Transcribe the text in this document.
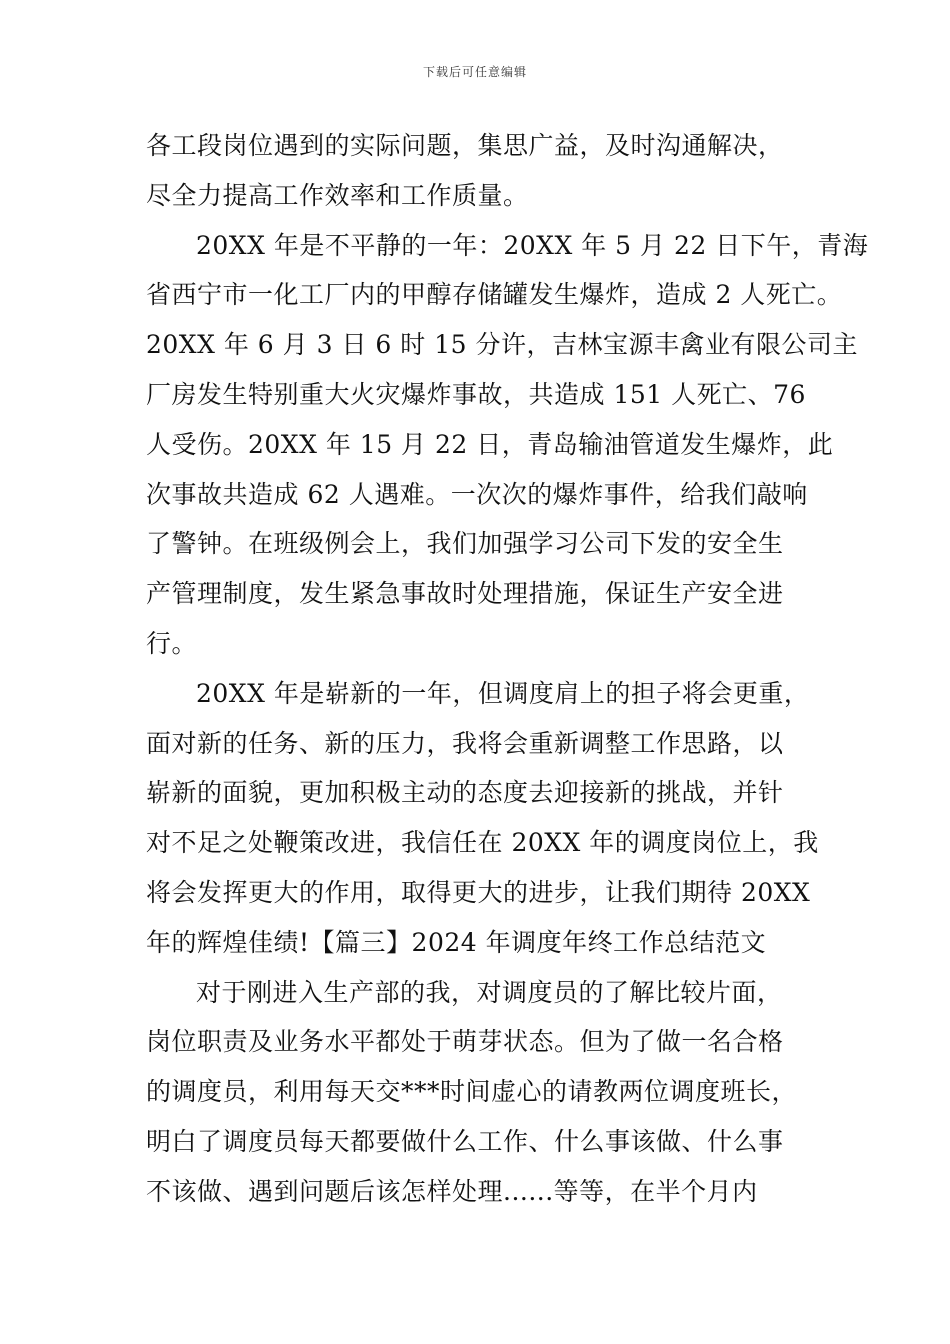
下载后可任意编辑
各工段岗位遇到的实际问题，集思广益，及时沟通解决，
尽全力提高工作效率和工作质量。
20XX 年是不平静的一年：20XX 年 5 月 22 日下午，青海
省西宁市一化工厂内的甲醇存储罐发生爆炸，造成 2 人死亡。
20XX 年 6 月 3 日 6 时 15 分许，吉林宝源丰禽业有限公司主
厂房发生特别重大火灾爆炸事故，共造成 151 人死亡、76
人受伤。20XX 年 15 月 22 日，青岛输油管道发生爆炸，此
次事故共造成 62 人遇难。一次次的爆炸事件，给我们敲响
了警钟。在班级例会上，我们加强学习公司下发的安全生
产管理制度，发生紧急事故时处理措施，保证生产安全进
行。
20XX 年是崭新的一年，但调度肩上的担子将会更重，
面对新的任务、新的压力，我将会重新调整工作思路，以
崭新的面貌，更加积极主动的态度去迎接新的挑战，并针
对不足之处鞭策改进，我信任在 20XX 年的调度岗位上，我
将会发挥更大的作用，取得更大的进步，让我们期待 20XX
年的辉煌佳绩!【篇三】2024 年调度年终工作总结范文
对于刚进入生产部的我，对调度员的了解比较片面，
岗位职责及业务水平都处于萌芽状态。但为了做一名合格
的调度员，利用每天交***时间虚心的请教两位调度班长，
明白了调度员每天都要做什么工作、什么事该做、什么事
不该做、遇到问题后该怎样处理......等等，在半个月内
